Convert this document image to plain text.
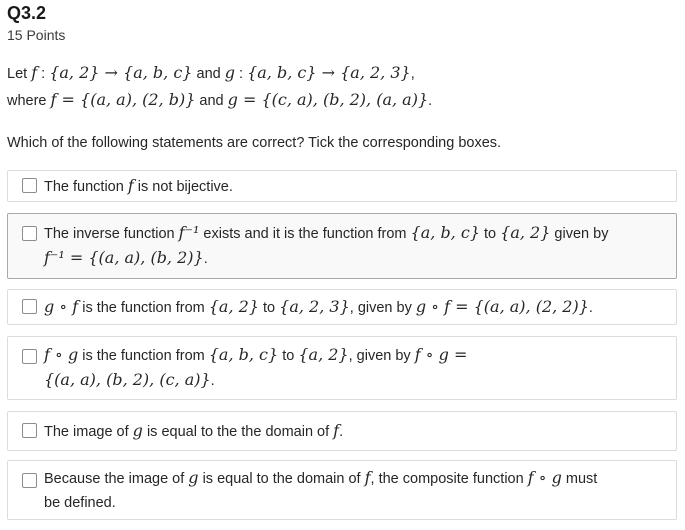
Q3.2
15 Points
Let f : {a, 2} → {a, b, c} and g : {a, b, c} → {a, 2, 3},
where f = {(a, a), (2, b)} and g = {(c, a), (b, 2), (a, a)}.
Which of the following statements are correct? Tick the corresponding boxes.
The function f is not bijective.
The inverse function f⁻¹ exists and it is the function from {a, b, c} to {a, 2} given by
f⁻¹ = {(a, a), (b, 2)}.
g ∘ f is the function from {a, 2} to {a, 2, 3}, given by g ∘ f = {(a, a), (2, 2)}.
f ∘ g is the function from {a, b, c} to {a, 2}, given by f ∘ g =
{(a, a), (b, 2), (c, a)}.
The image of g is equal to the the domain of f.
Because the image of g is equal to the domain of f, the composite function f ∘ g must
be defined.
